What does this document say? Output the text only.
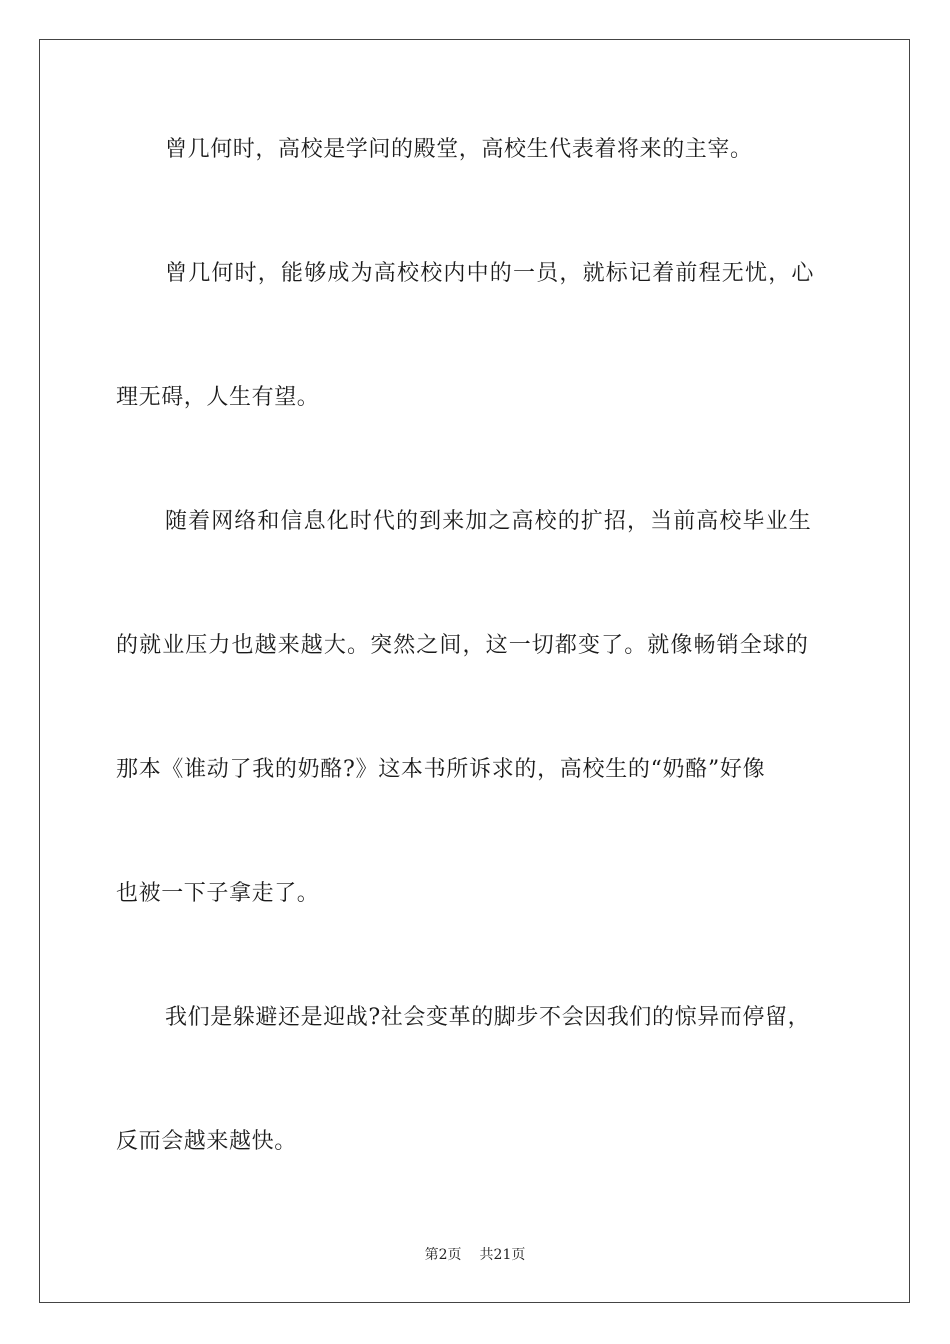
曾几何时，高校是学问的殿堂，高校生代表着将来的主宰。
曾几何时，能够成为高校校内中的一员，就标记着前程无忧，心
理无碍，人生有望。
随着网络和信息化时代的到来加之高校的扩招，当前高校毕业生
的就业压力也越来越大。突然之间，这一切都变了。就像畅销全球的
那本《谁动了我的奶酪?》这本书所诉求的，高校生的“奶酪”好像
也被一下子拿走了。
我们是躲避还是迎战?社会变革的脚步不会因我们的惊异而停留，
反而会越来越快。
第2页 共21页
